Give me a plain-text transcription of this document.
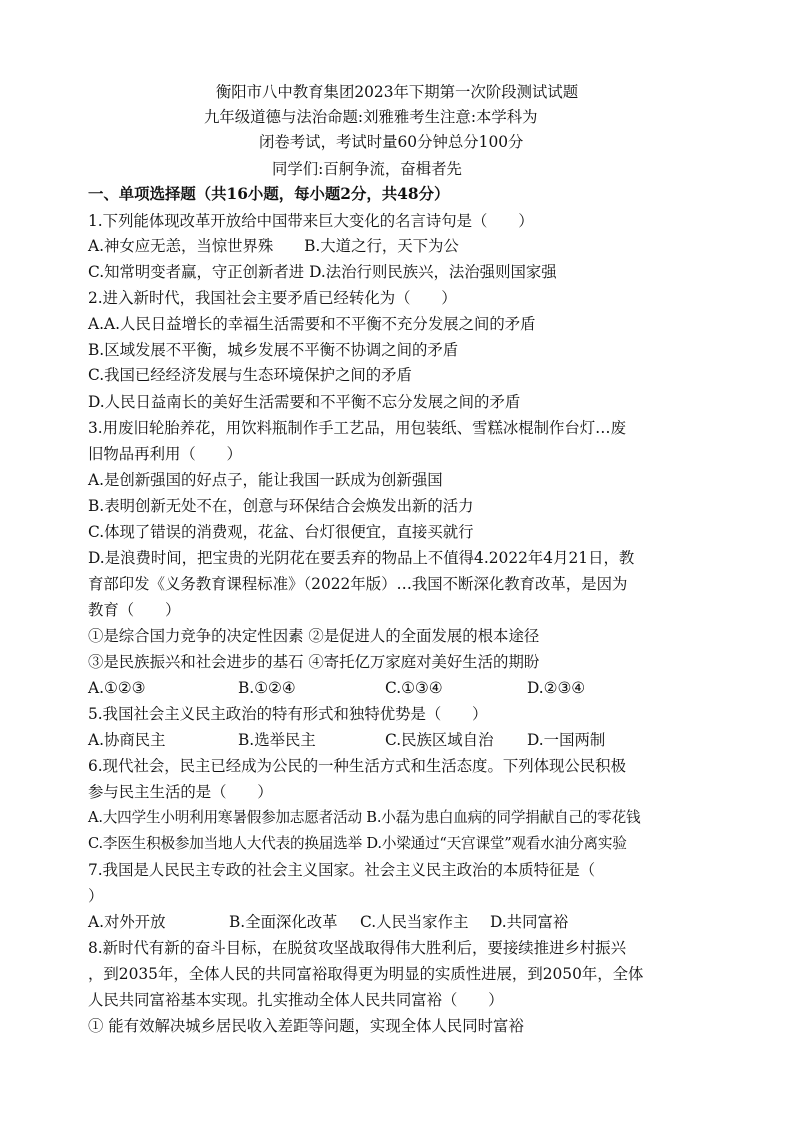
衡阳市八中教育集团2023年下期第一次阶段测试试题
九年级道德与法治命题:刘雅雅考生注意:本学科为
闭卷考试，考试时量60分钟总分100分
同学们:百舸争流，奋楫者先
一、单项选择题（共16小题，每小题2分，共48分）
1.下列能体现改革开放给中国带来巨大变化的名言诗句是（　　）
A.神女应无恙，当惊世界殊　　B.大道之行，天下为公
C.知常明变者赢，守正创新者进 D.法治行则民族兴，法治强则国家强
2.进入新时代，我国社会主要矛盾已经转化为（　　）
A.A.人民日益增长的幸福生活需要和不平衡不充分发展之间的矛盾
B.区域发展不平衡，城乡发展不平衡不协调之间的矛盾
C.我国已经经济发展与生态环境保护之间的矛盾
D.人民日益南长的美好生活需要和不平衡不忘分发展之间的矛盾
3.用废旧轮胎养花，用饮料瓶制作手工艺品，用包装纸、雪糕冰棍制作台灯…废
旧物品再利用（　　）
A.是创新强国的好点子，能让我国一跃成为创新强国
B.表明创新无处不在，创意与环保结合会焕发出新的活力
C.体现了错误的消费观，花盆、台灯很便宜，直接买就行
D.是浪费时间，把宝贵的光阴花在要丢弃的物品上不值得4.2022年4月21日，教
育部印发《义务教育课程标准》（2022年版）…我国不断深化教育改革，是因为
教育（　　）
①是综合国力竞争的决定性因素 ②是促进人的全面发展的根本途径
③是民族振兴和社会进步的基石 ④寄托亿万家庭对美好生活的期盼
A.①②③	B.①②④	C.①③④	D.②③④
5.我国社会主义民主政治的特有形式和独特优势是（　　）
A.协商民主	B.选举民主	C.民族区域自治 D.一国两制
6.现代社会，民主已经成为公民的一种生活方式和生活态度。下列体现公民积极
参与民主生活的是（　　）
A.大四学生小明利用寒暑假参加志愿者活动 B.小磊为患白血病的同学捐献自己的零花钱
C.李医生积极参加当地人大代表的换届选举 D.小梁通过“天宫课堂”观看水油分离实验
7.我国是人民民主专政的社会主义国家。社会主义民主政治的本质特征是（
）
A.对外开放	B.全面深化改革 C.人民当家作主 D.共同富裕
8.新时代有新的奋斗目标，在脱贫攻坚战取得伟大胜利后，要接续推进乡村振兴
，到2035年，全体人民的共同富裕取得更为明显的实质性进展，到2050年，全体
人民共同富裕基本实现。扎实推动全体人民共同富裕（　　）
① 能有效解决城乡居民收入差距等问题，实现全体人民同时富裕
